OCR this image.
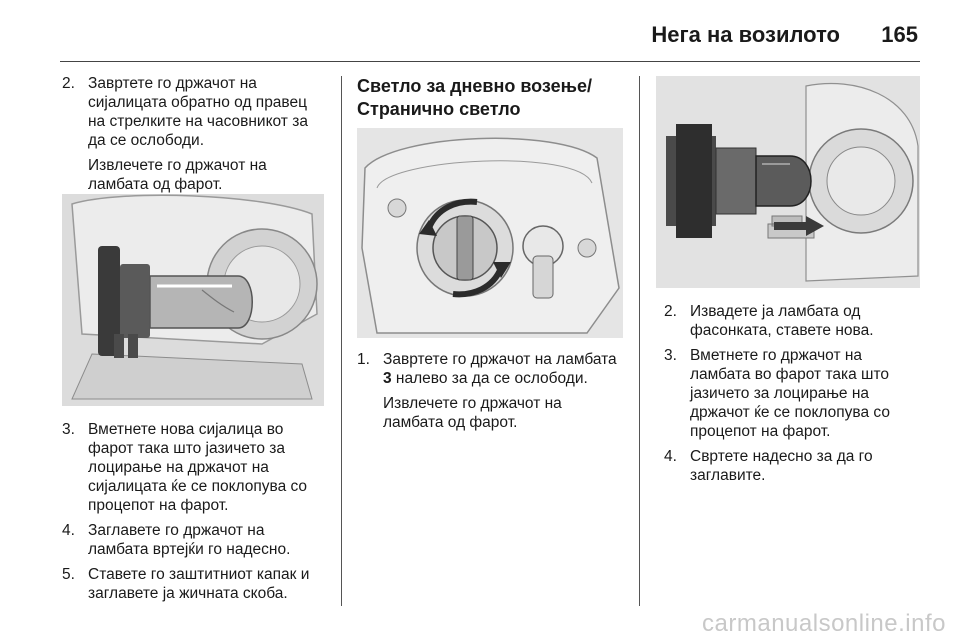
Нега на возилото 165
2. Завртете го држачот на сијалицата обратно од правец на стрелките на часовникот за да се ослободи.
Извлечете го држачот на ламбата од фарот.
3. Вметнете нова сијалица во фарот така што јазичето за лоцирање на држачот на сијалицата ќе се поклопува со процепот на фарот.
4. Заглавете го држачот на ламбата вртејќи го надесно.
5. Ставете го заштитниот капак и заглавете ја жичната скоба.
Светло за дневно возење/
Странично светло
1. Завртете го држачот на ламбата 3 налево за да се ослободи.
Извлечете го држачот на ламбата од фарот.
2. Извадете ја ламбата од фасонката, ставете нова.
3. Вметнете го држачот на ламбата во фарот така што јазичето за лоцирање на држачот ќе се поклопува со процепот на фарот.
4. Свртете надесно за да го заглавите.
carmanualsonline.info
